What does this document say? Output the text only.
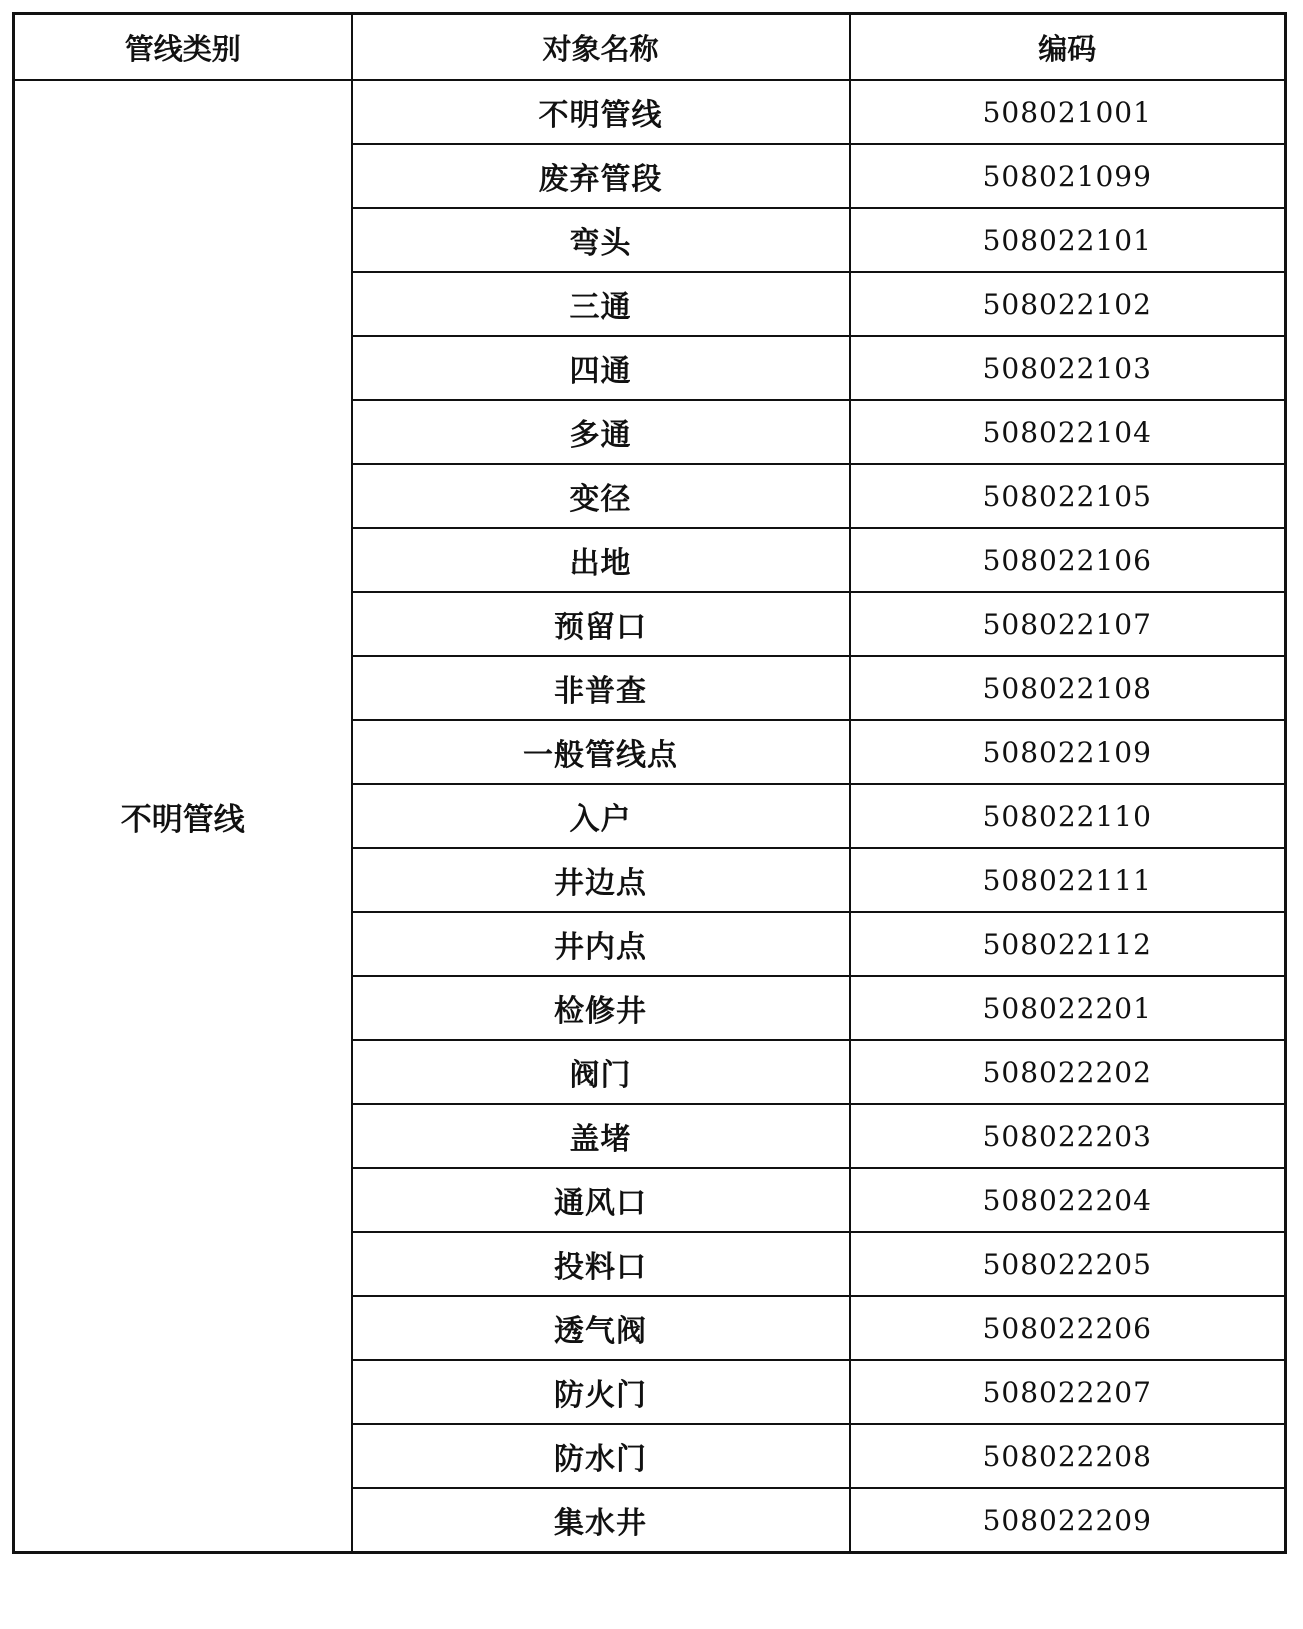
管线类别	对象名称	编码
不明管线	不明管线	508021001
	废弃管段	508021099
	弯头	508022101
	三通	508022102
	四通	508022103
	多通	508022104
	变径	508022105
	出地	508022106
	预留口	508022107
	非普查	508022108
	一般管线点	508022109
	入户	508022110
	井边点	508022111
	井内点	508022112
	检修井	508022201
	阀门	508022202
	盖堵	508022203
	通风口	508022204
	投料口	508022205
	透气阀	508022206
	防火门	508022207
	防水门	508022208
	集水井	508022209
